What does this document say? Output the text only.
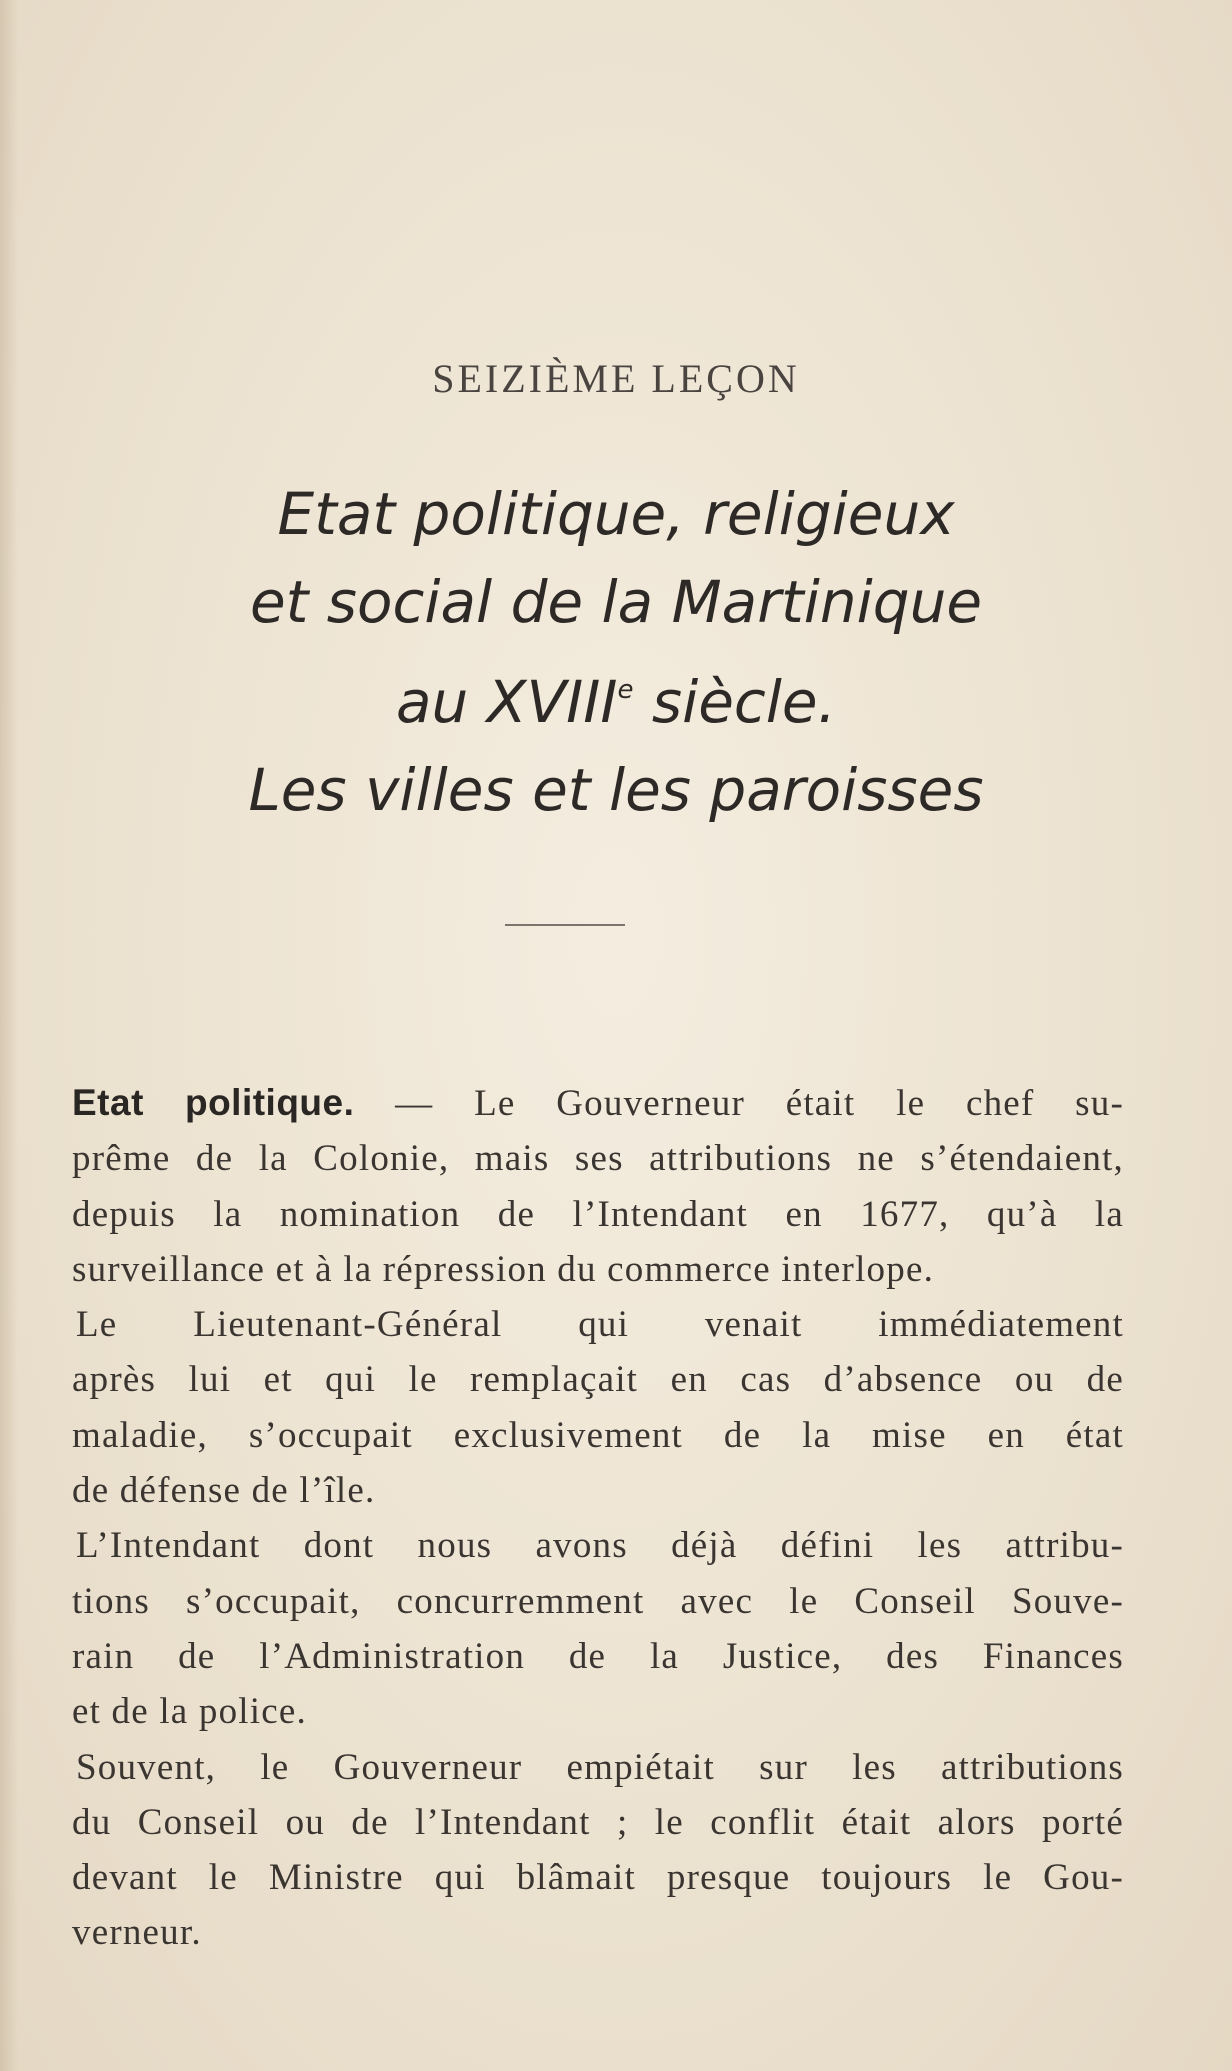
SEIZIÈME LEÇON
Etat politique, religieux
et social de la Martinique
au XVIIIe siècle.
Les villes et les paroisses

Etat politique. — Le Gouverneur était le chef su-
prême de la Colonie, mais ses attributions ne s’étendaient,
depuis la nomination de l’Intendant en 1677, qu’à la
surveillance et à la répression du commerce interlope.

Le Lieutenant-Général qui venait immédiatement
après lui et qui le remplaçait en cas d’absence ou de
maladie, s’occupait exclusivement de la mise en état
de défense de l’île.

L’Intendant dont nous avons déjà défini les attribu-
tions s’occupait, concurremment avec le Conseil Souve-
rain de l’Administration de la Justice, des Finances
et de la police.

Souvent, le Gouverneur empiétait sur les attributions
du Conseil ou de l’Intendant ; le conflit était alors porté
devant le Ministre qui blâmait presque toujours le Gou-
verneur.
